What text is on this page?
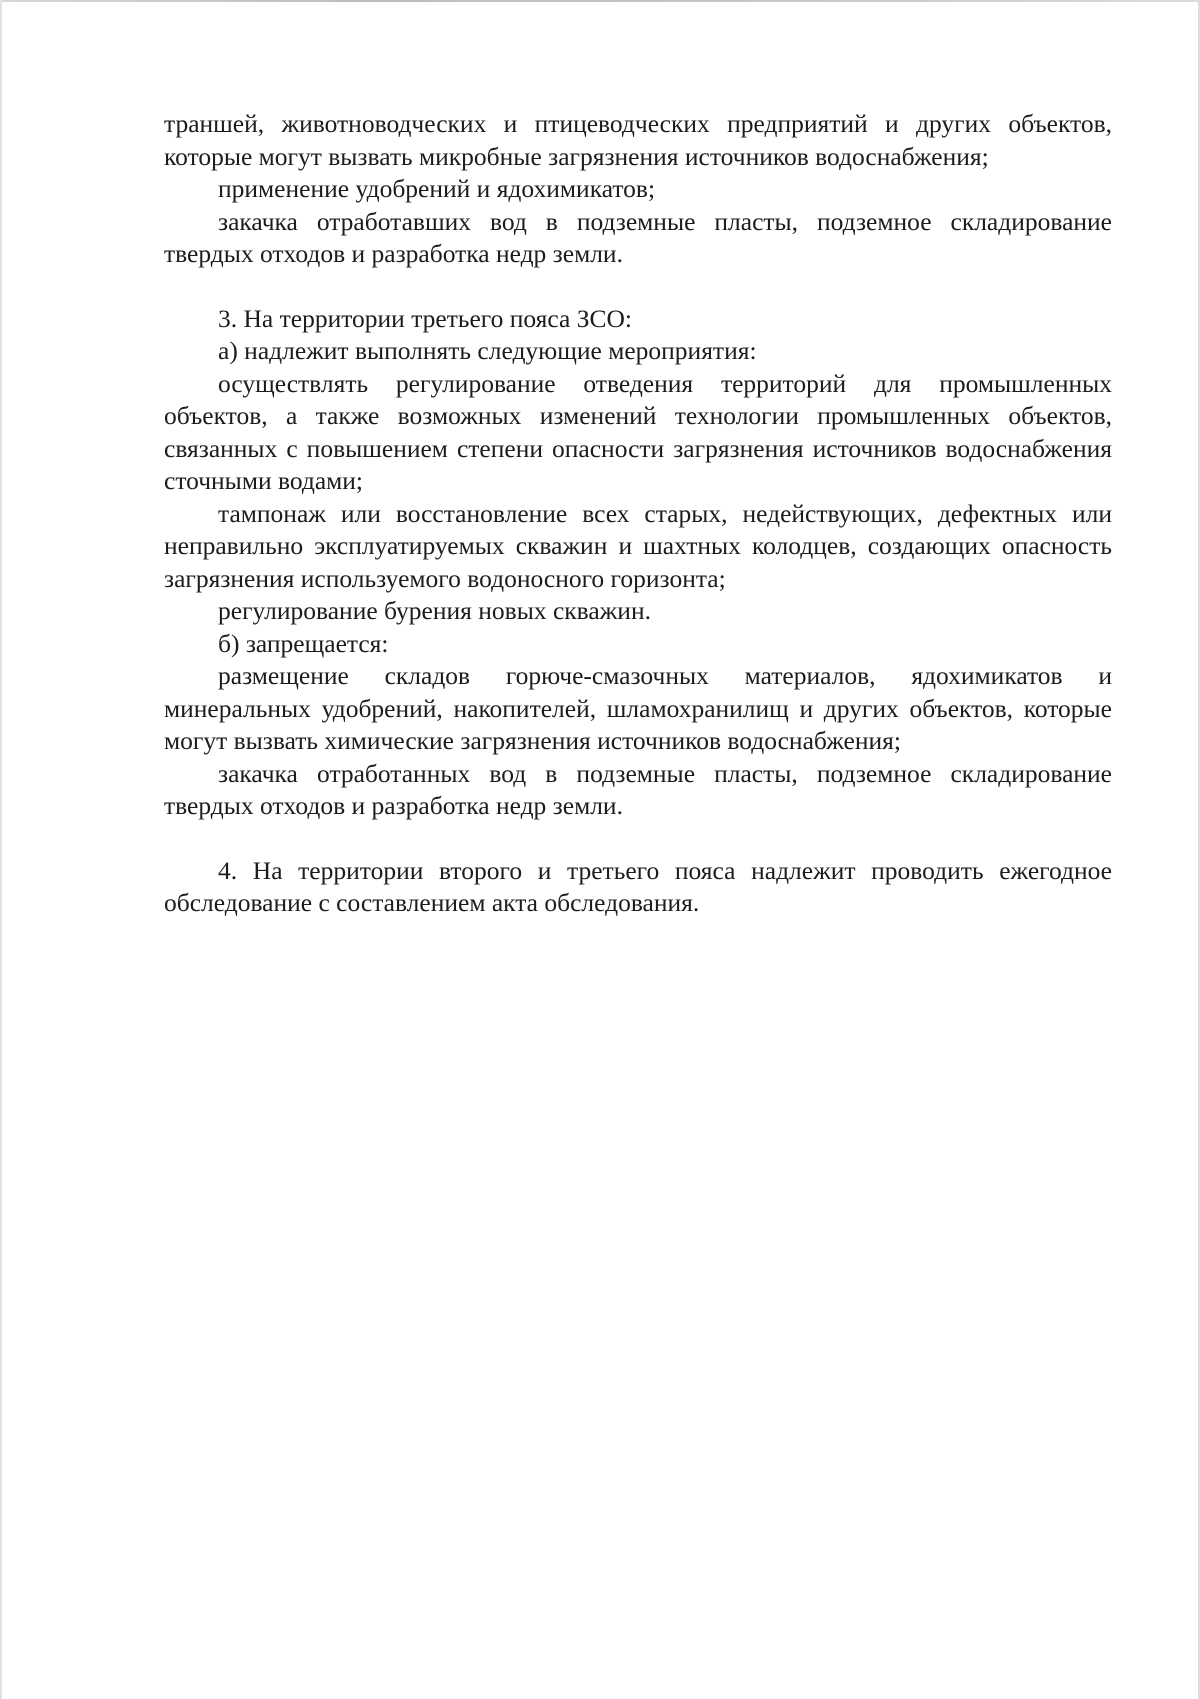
траншей, животноводческих и птицеводческих предприятий и других объектов, которые могут вызвать микробные загрязнения источников водоснабжения;

применение удобрений и ядохимикатов;

закачка отработавших вод в подземные пласты, подземное складирование твердых отходов и разработка недр земли.

3. На территории третьего пояса ЗСО:

а) надлежит выполнять следующие мероприятия:

осуществлять регулирование отведения территорий для промышленных объектов, а также возможных изменений технологии промышленных объектов, связанных с повышением степени опасности загрязнения источников водоснабжения сточными водами;

тампонаж или восстановление всех старых, недействующих, дефектных или неправильно эксплуатируемых скважин и шахтных колодцев, создающих опасность загрязнения используемого водоносного горизонта;

регулирование бурения новых скважин.

б) запрещается:

размещение складов горюче-смазочных материалов, ядохимикатов и минеральных удобрений, накопителей, шламохранилищ и других объектов, которые могут вызвать химические загрязнения источников водоснабжения;

закачка отработанных вод в подземные пласты, подземное складирование твердых отходов и разработка недр земли.

4. На территории второго и третьего пояса надлежит проводить ежегодное обследование с составлением акта обследования.
